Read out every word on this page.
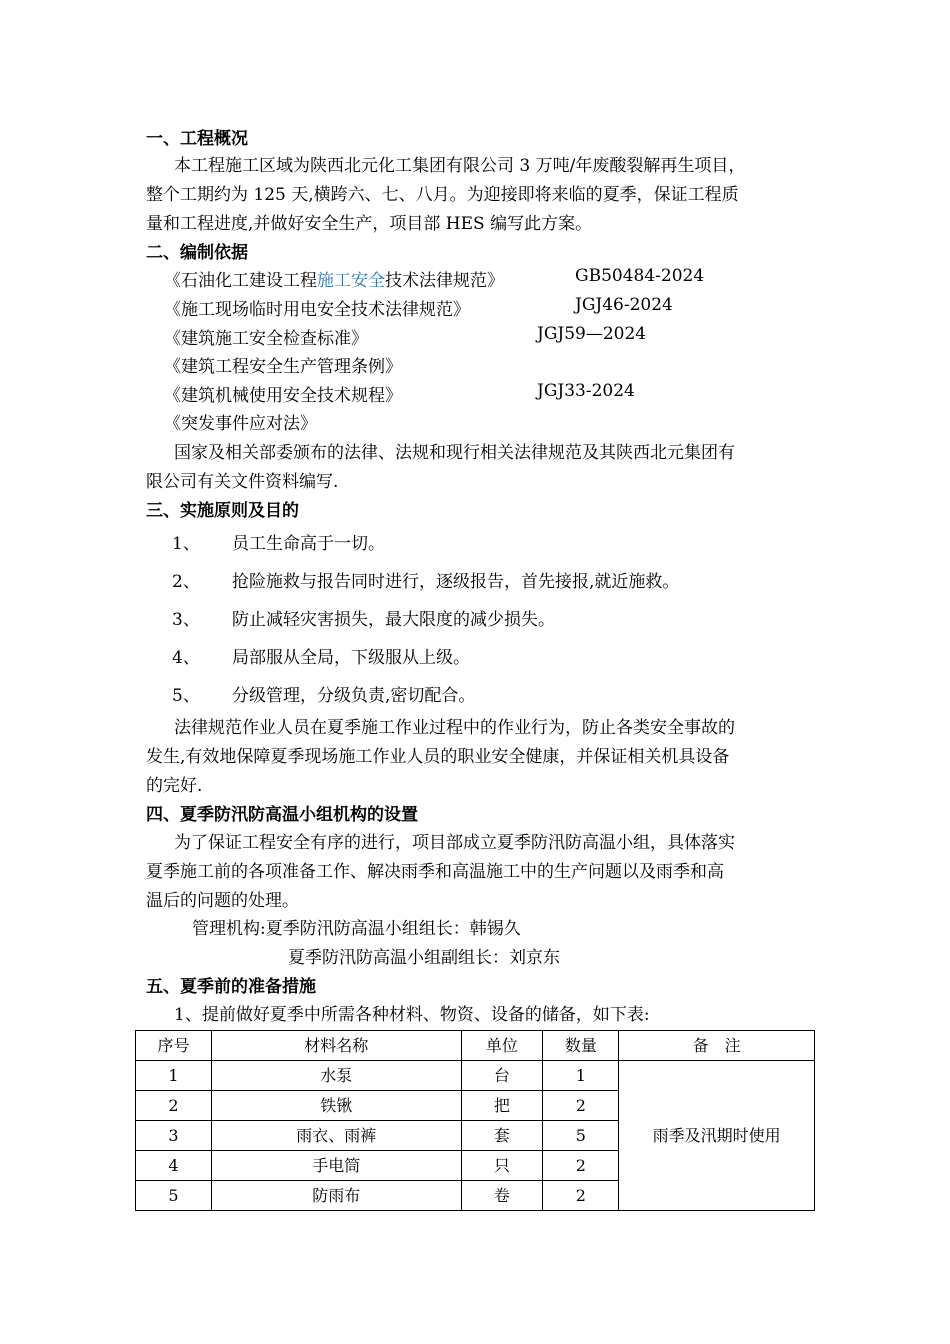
一、工程概况
本工程施工区域为陕西北元化工集团有限公司 3 万吨/年废酸裂解再生项目，
整个工期约为 125 天,横跨六、七、八月。为迎接即将来临的夏季，保证工程质
量和工程进度,并做好安全生产，项目部 HES 编写此方案。
二、编制依据
《石油化工建设工程施工安全技术法律规范》	GB50484-2024
《施工现场临时用电安全技术法律规范》	JGJ46-2024
《建筑施工安全检查标准》	JGJ59—2024
《建筑工程安全生产管理条例》
《建筑机械使用安全技术规程》	JGJ33-2024
《突发事件应对法》
国家及相关部委颁布的法律、法规和现行相关法律规范及其陕西北元集团有
限公司有关文件资料编写.
三、实施原则及目的
1、 员工生命高于一切。
2、 抢险施救与报告同时进行，逐级报告，首先接报,就近施救。
3、 防止减轻灾害损失，最大限度的减少损失。
4、 局部服从全局，下级服从上级。
5、 分级管理，分级负责,密切配合。
法律规范作业人员在夏季施工作业过程中的作业行为，防止各类安全事故的
发生,有效地保障夏季现场施工作业人员的职业安全健康，并保证相关机具设备
的完好.
四、夏季防汛防高温小组机构的设置
为了保证工程安全有序的进行，项目部成立夏季防汛防高温小组，具体落实
夏季施工前的各项准备工作、解决雨季和高温施工中的生产问题以及雨季和高
温后的问题的处理。
管理机构:夏季防汛防高温小组组长：韩锡久
夏季防汛防高温小组副组长：刘京东
五、夏季前的准备措施
1、提前做好夏季中所需各种材料、物资、设备的储备，如下表:
序号	材料名称	单位	数量	备　注
1	水泵	台	1	雨季及汛期时使用
2	铁锹	把	2	
3	雨衣、雨裤	套	5	
4	手电筒	只	2	
5	防雨布	卷	2	
